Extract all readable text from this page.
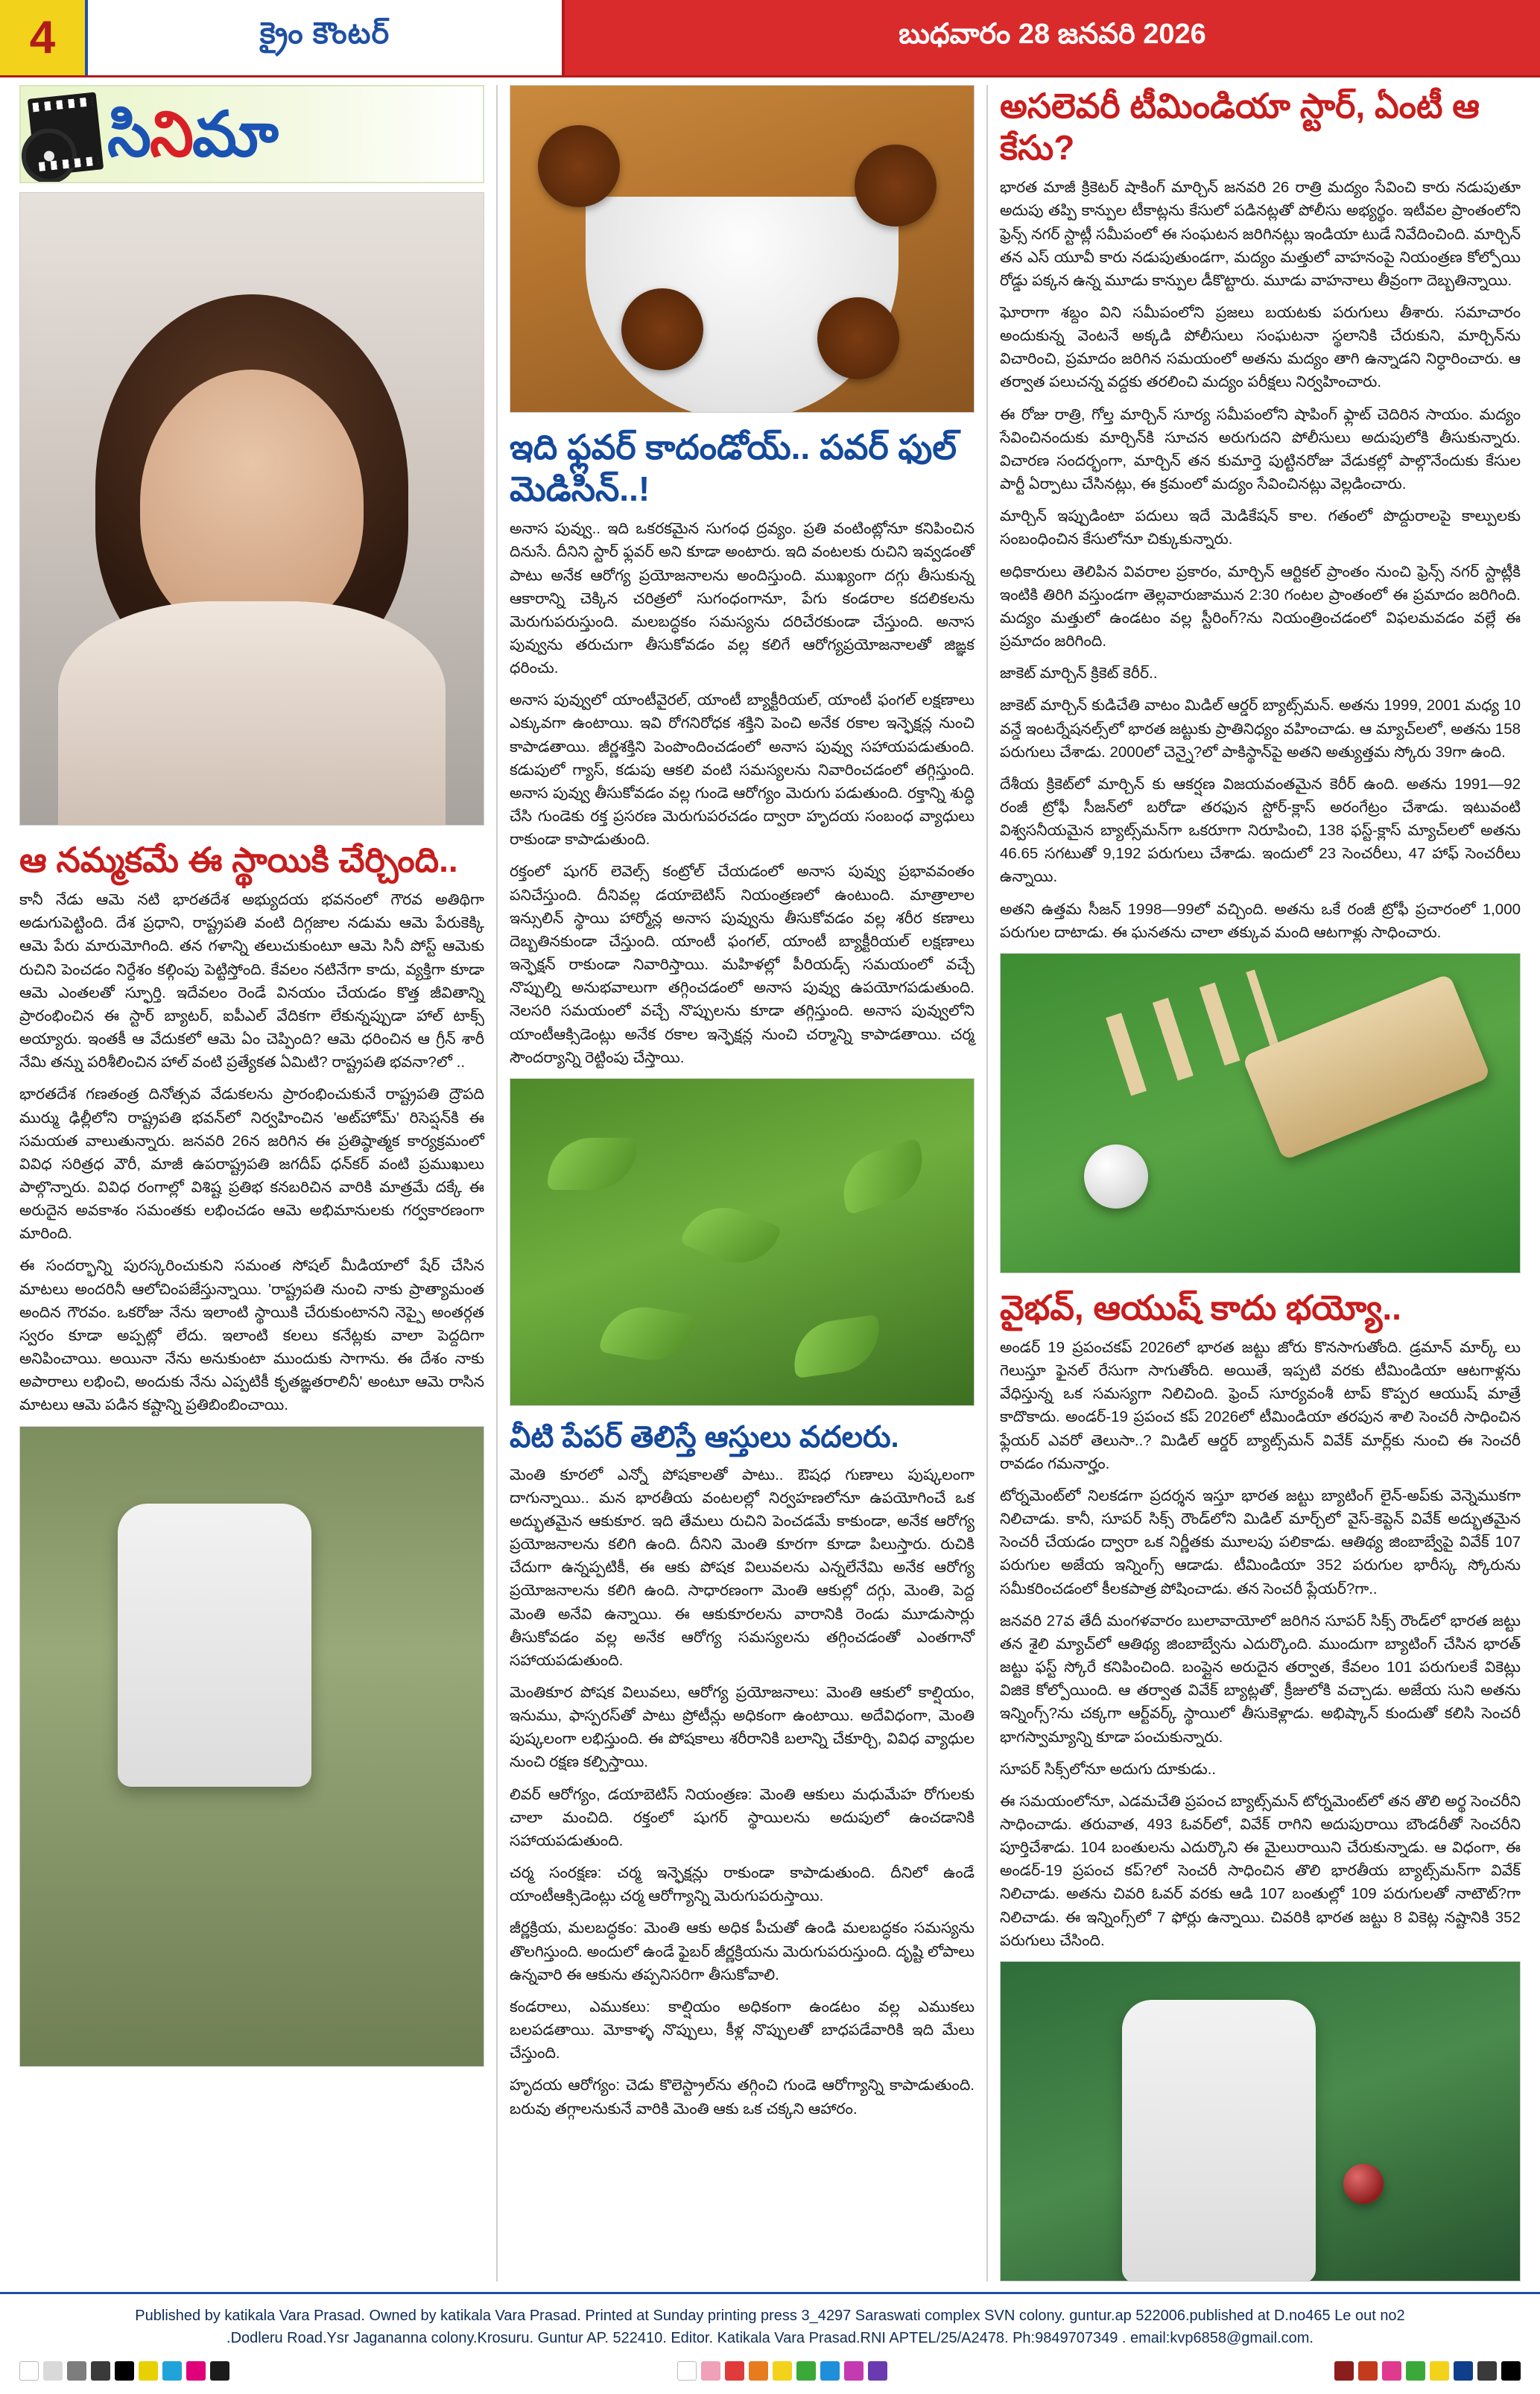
4	క్రైం కౌంటర్	బుధవారం 28 జనవరి 2026
సినిమా
ఆ నమ్మకమే ఈ స్థాయికి చేర్చింది..

కానీ నేడు ఆమె నటి భారతదేశ అభ్యుదయ భవనంలో గౌరవ అతిథిగా అడుగుపెట్టింది. దేశ ప్రధాని, రాష్ట్రపతి వంటి దిగ్గజాల నడుమ ఆమె పేరుకెక్కి ఆమె పేరు మారుమోగింది. తన గళాన్ని తలుచుకుంటూ ఆమె సినీ పోస్ట్ ఆమెకు రుచిని పెంచడం నిర్దేశం కల్గింపు పెట్టిస్తోంది. కేవలం నటినేగా కాదు, వ్యక్తిగా కూడా ఆమె ఎంతలతో స్ఫూర్తి. ఇదేవలం రెండే వినయం చేయడం కొత్త జీవితాన్ని ప్రారంభించిన ఈ స్టార్ బ్యాటర్, ఐపీఎల్ వేదికగా లేకున్నప్పుడా హాల్ టాక్స్ అయ్యారు. ఇంతకీ ఆ వేదుకలో ఆమె ఏం చెప్పింది? ఆమె ధరించిన ఆ గ్రీన్ శారీ నేమి తన్ను పరిశీలించిన హాల్ వంటి ప్రత్యేకత ఏమిటి? రాష్ట్రపతి భవనా?లో ..

భారతదేశ గణతంత్ర దినోత్సవ వేడుకలను ప్రారంభించుకునే రాష్ట్రపతి ద్రౌపది ముర్ము ఢిల్లీలోని రాష్ట్రపతి భవన్‌లో నిర్వహించిన 'అట్‌హోమ్' రిసెప్షన్‌కి ఈ సమయత వాలుతున్నారు. జనవరి 26న జరిగిన ఈ ప్రతిష్ఠాత్మక కార్యక్రమంలో వివిధ సరిత్రధ వౌరీ, మాజీ ఉపరాష్ట్రపతి జగదీప్ ధన్‌కర్ వంటి ప్రముఖులు పాల్గొన్నారు. వివిధ రంగాల్లో విశిష్ట ప్రతిభ కనబరిచిన వారికి మాత్రమే దక్కే ఈ అరుదైన అవకాశం సమంతకు లభించడం ఆమె అభిమానులకు గర్వకారణంగా మారింది.

ఈ సందర్భాన్ని పురస్కరించుకుని సమంత సోషల్ మీడియాలో షేర్ చేసిన మాటలు అందరినీ ఆలోచింపజేస్తున్నాయి. 'రాష్ట్రపతి నుంచి నాకు ప్రాత్యామంత అందిన గౌరవం. ఒకరోజు నేను ఇలాంటి స్థాయికి చేరుకుంటానని నెప్పై అంతర్గత స్వరం కూడా అప్పట్లో లేదు. ఇలాంటి కలలు కనేట్లకు వాలా పెద్దదిగా అనిపించాయి. అయినా నేను అనుకుంటా ముందుకు సాగాను. ఈ దేశం నాకు అపారాలు లభించి, అందుకు నేను ఎప్పటికీ కృతఙ్ఞతరాలినీ' అంటూ ఆమె రాసిన మాటలు ఆమె పడిన కష్టాన్ని ప్రతిబింబించాయి.

ఇది ఫ్లవర్ కాదండోయ్.. పవర్ ఫుల్ మెడిసిన్..!

అనాస పువ్వు.. ఇది ఒకరకమైన సుగంధ ద్రవ్యం. ప్రతి వంటింట్లోనూ కనిపించిన దినుసే. దీనిని స్టార్ ఫ్లవర్ అని కూడా అంటారు. ఇది వంటలకు రుచిని ఇవ్వడంతో పాటు అనేక ఆరోగ్య ప్రయోజనాలను అందిస్తుంది. ముఖ్యంగా దగ్గు తీసుకున్న ఆకారాన్ని చెక్కిన చరిత్రలో సుగంధంగానూ, పేగు కండరాల కదలికలను మెరుగుపరుస్తుంది. మలబద్ధకం సమస్యను దరిచేరకుండా చేస్తుంది. అనాస పువ్వును తరుచుగా తీసుకోవడం వల్ల కలిగే ఆరోగ్యప్రయోజనాలతో జిఙ్ఞక ధరించు.

అనాస పువ్వులో యాంటీవైరల్, యాంటీ బ్యాక్టీరియల్, యాంటీ ఫంగల్ లక్షణాలు ఎక్కువగా ఉంటాయి. ఇవి రోగనిరోధక శక్తిని పెంచి అనేక రకాల ఇన్ఫెక్షన్ల నుంచి కాపాడతాయి. జీర్ణశక్తిని పెంపొందించడంలో అనాస పువ్వు సహాయపడుతుంది. కడుపులో గ్యాస్, కడుపు ఆకలి వంటి సమస్యలను నివారించడంలో తగ్గిస్తుంది. అనాస పువ్వు తీసుకోవడం వల్ల గుండె ఆరోగ్యం మెరుగు పడుతుంది. రక్తాన్ని శుద్ధి చేసి గుండెకు రక్త ప్రసరణ మెరుగుపరచడం ద్వారా హృదయ సంబంధ వ్యాధులు రాకుండా కాపాడుతుంది.

రక్తంలో షుగర్ లెవెల్స్ కంట్రోల్ చేయడంలో అనాస పువ్వు ప్రభావవంతం పనిచేస్తుంది. దీనివల్ల డయాబెటిస్ నియంత్రణలో ఉంటుంది. మాత్రాలాల ఇన్సులిన్ స్థాయి హార్మోన్ల అనాస పువ్వును తీసుకోవడం వల్ల శరీర కణాలు దెబ్బతినకుండా చేస్తుంది. యాంటీ ఫంగల్, యాంటీ బ్యాక్టీరియల్ లక్షణాలు ఇన్ఫెక్షన్ రాకుండా నివారిస్తాయి. మహిళల్లో పీరియడ్స్ సమయంలో వచ్చే నొప్పుల్ని అనుభవాలుగా తగ్గించడంలో అనాస పువ్వు ఉపయోగపడుతుంది. నెలసరి సమయంలో వచ్చే నొప్పులను కూడా తగ్గిస్తుంది. అనాస పువ్వులోని యాంటీఆక్సిడెంట్లు అనేక రకాల ఇన్ఫెక్షన్ల నుంచి చర్మాన్ని కాపాడతాయి. చర్మ సౌందర్యాన్ని రెట్టింపు చేస్తాయి.

వీటి పేపర్ తెలిస్తే ఆస్తులు వదలరు.

మెంతి కూరలో ఎన్నో పోషకాలతో పాటు.. ఔషధ గుణాలు పుష్కలంగా దాగున్నాయి.. మన భారతీయ వంటలల్లో నిర్వహణలోనూ ఉపయోగించే ఒక అద్భుతమైన ఆకుకూర. ఇది తేమలు రుచిని పెంచడమే కాకుండా, అనేక ఆరోగ్య ప్రయోజనాలను కలిగి ఉంది. దీనిని మెంతి కూరగా కూడా పిలుస్తారు. రుచికి చేదుగా ఉన్నప్పటికీ, ఈ ఆకు పోషక విలువలను ఎన్నలేనేమి అనేక ఆరోగ్య ప్రయోజనాలను కలిగి ఉంది. సాధారణంగా మెంతి ఆకుల్లో దగ్గు, మెంతి, పెద్ద మెంతి అనేవి ఉన్నాయి. ఈ ఆకుకూరలను వారానికి రెండు మూడుసార్లు తీసుకోవడం వల్ల అనేక ఆరోగ్య సమస్యలను తగ్గించడంతో ఎంతగానో సహాయపడుతుంది.

మెంతికూర పోషక విలువలు, ఆరోగ్య ప్రయోజనాలు: మెంతి ఆకులో కాల్షియం, ఇనుము, ఫాస్పరస్‌తో పాటు ప్రోటీన్లు అధికంగా ఉంటాయి. అదేవిధంగా, మెంతి పుష్కలంగా లభిస్తుంది. ఈ పోషకాలు శరీరానికి బలాన్ని చేకూర్చి, వివిధ వ్యాధుల నుంచి రక్షణ కల్పిస్తాయి.

లివర్ ఆరోగ్యం, డయాబెటిస్ నియంత్రణ: మెంతి ఆకులు మధుమేహ రోగులకు చాలా మంచిది. రక్తంలో షుగర్ స్థాయిలను అదుపులో ఉంచడానికి సహాయపడుతుంది.

చర్మ సంరక్షణ: చర్మ ఇన్ఫెక్షన్లు రాకుండా కాపాడుతుంది. దీనిలో ఉండే యాంటీఆక్సిడెంట్లు చర్మ ఆరోగ్యాన్ని మెరుగుపరుస్తాయి.

జీర్ణక్రియ, మలబద్ధకం: మెంతి ఆకు అధిక పీచుతో ఉండి మలబద్ధకం సమస్యను తొలగిస్తుంది. అందులో ఉండే ఫైబర్ జీర్ణక్రియను మెరుగుపరుస్తుంది. దృష్టి లోపాలు ఉన్నవారి ఈ ఆకును తప్పనిసరిగా తీసుకోవాలి.

కండరాలు, ఎముకలు: కాల్షియం అధికంగా ఉండటం వల్ల ఎముకలు బలపడతాయి. మోకాళ్ళ నొప్పులు, కీళ్ల నొప్పులతో బాధపడేవారికి ఇది మేలు చేస్తుంది.

హృదయ ఆరోగ్యం: చెడు కొలెస్ట్రాల్‌ను తగ్గించి గుండె ఆరోగ్యాన్ని కాపాడుతుంది. బరువు తగ్గాలనుకునే వారికి మెంతి ఆకు ఒక చక్కని ఆహారం.

అసలెవరీ టీమిండియా స్టార్, ఏంటీ ఆ కేసు?

భారత మాజీ క్రికెటర్ షాకింగ్ మార్చిన్ జనవరి 26 రాత్రి మద్యం సేవించి కారు నడుపుతూ అదుపు తప్పి కాన్పుల టీకాట్లను కేసులో పడినట్లతో పోలీసు అభ్యర్థం. ఇటీవల ప్రాంతంలోని ఫ్రెన్స్ నగర్ స్టాట్లీ సమీపంలో ఈ సంఘటన జరిగినట్లు ఇండియా టుడే నివేదించింది. మార్చిన్ తన ఎస్ యూవీ కారు నడుపుతుండగా, మద్యం మత్తులో వాహనంపై నియంత్రణ కోల్పోయి రోడ్డు పక్కన ఉన్న మూడు కాన్పుల డీకొట్టారు. మూడు వాహనాలు తీవ్రంగా దెబ్బతిన్నాయి.

ఘోరాగా శబ్దం విని సమీపంలోని ప్రజలు బయటకు పరుగులు తీశారు. సమాచారం అందుకున్న వెంటనే అక్కడి పోలీసులు సంఘటనా స్థలానికి చేరుకుని, మార్చిన్‌ను విచారించి, ప్రమాదం జరిగిన సమయంలో అతను మద్యం తాగి ఉన్నాడని నిర్ధారించారు. ఆ తర్వాత పలుచన్న వద్దకు తరలించి మద్యం పరీక్షలు నిర్వహించారు.

ఈ రోజు రాత్రి, గోల్త మార్చిన్ సూర్య సమీపంలోని షాపింగ్ ఫ్లాట్ చెదిరిన సాయం. మద్యం సేవించినందుకు మార్చిన్‌కి సూచన అరుగుదని పోలీసులు అదుపులోకి తీసుకున్నారు. విచారణ సందర్భంగా, మార్చిన్ తన కుమార్తె పుట్టినరోజు వేడుకల్లో పాల్గొనేందుకు కేసుల పార్టీ ఏర్పాటు చేసినట్లు, ఈ క్రమంలో మద్యం సేవించినట్లు వెల్లడించారు.

మార్చిన్ ఇప్పుడింటా పదులు ఇదే మెడికేషన్ కాల. గతంలో పొద్దురాలపై కాల్పులకు సంబంధించిన కేసులోనూ చిక్కుకున్నారు.

అధికారులు తెలిపిన వివరాల ప్రకారం, మార్చిన్ ఆర్టికల్ ప్రాంతం నుంచి ఫ్రెన్స్ నగర్ స్టాట్లీకి ఇంటికి తిరిగి వస్తుండగా తెల్లవారుజామున 2:30 గంటల ప్రాంతంలో ఈ ప్రమాదం జరిగింది. మద్యం మత్తులో ఉండటం వల్ల స్టీరింగ్‌?ను నియంత్రించడంలో విఫలమవడం వల్లే ఈ ప్రమాదం జరిగింది.

జాకెట్ మార్చిన్ క్రికెట్ కెరీర్..

జాకెట్ మార్చిన్ కుడిచేతి వాటం మిడిల్ ఆర్డర్ బ్యాట్స్‌మన్. అతను 1999, 2001 మధ్య 10 వన్డే ఇంటర్నేషనల్స్‌లో భారత జట్టుకు ప్రాతినిధ్యం వహించాడు. ఆ మ్యాచ్‌లలో, అతను 158 పరుగులు చేశాడు. 2000లో చెన్నై?లో పాకిస్థాన్‌పై అతని అత్యుత్తమ స్కోరు 39గా ఉంది.

దేశీయ క్రికెట్‌లో మార్చిన్ కు ఆకర్షణ విజయవంతమైన కెరీర్ ఉంది. అతను 1991—92 రంజీ ట్రోఫీ సీజన్‌లో బరోడా తరఫున స్టోర్-క్లాస్ అరంగేట్రం చేశాడు. ఇటువంటి విశ్వసనీయమైన బ్యాట్స్‌మన్‌గా ఒకరూగా నిరూపించి, 138 ఫస్ట్-క్లాస్ మ్యాచ్‌లలో అతను 46.65 సగటుతో 9,192 పరుగులు చేశాడు. ఇందులో 23 సెంచరీలు, 47 హాఫ్ సెంచరీలు ఉన్నాయి.

అతని ఉత్తమ సీజన్ 1998—99లో వచ్చింది. అతను ఒకే రంజీ ట్రోఫీ ప్రచారంలో 1,000 పరుగుల దాటాడు. ఈ ఘనతను చాలా తక్కువ మంది ఆటగాళ్లు సాధించారు.

వైభవ్, ఆయుష్ కాదు భయ్యో..

అండర్ 19 ప్రపంచకప్ 2026లో భారత జట్టు జోరు కొనసాగుతోంది. డ్రమాన్ మార్క్ లు గెలుస్తూ ఫైనల్ రేసుగా సాగుతోంది. అయితే, ఇప్పటి వరకు టీమిండియా ఆటగాళ్లను వేధిస్తున్న ఒక సమస్యగా నిలిచింది. ఫ్రెంచ్ సూర్యవంశీ టాప్ కొప్పర ఆయుష్ మాత్రే కాదొకాదు. అండర్-19 ప్రపంచ కప్ 2026లో టీమిండియా తరపున శాలి సెంచరీ సాధించిన ఫ్లేయర్ ఎవరో తెలుసా..? మిడిల్ ఆర్డర్ బ్యాట్స్‌మన్ వివేక్ మార్ల్‌కు నుంచి ఈ సెంచరీ రావడం గమనార్హం.

టోర్నమెంట్‌లో నిలకడగా ప్రదర్శన ఇస్తూ భారత జట్టు బ్యాటింగ్ లైన్-అప్‌కు వెన్నెముకగా నిలిచాడు. కానీ, సూపర్ సిక్స్ రౌండ్‌లోని మిడిల్ మార్చ్‌లో వైస్-కెప్టెన్ వివేక్ అద్భుతమైన సెంచరీ చేయడం ద్వారా ఒక నిర్ణీతకు మూలపు పలికాడు. ఆతిథ్య జింబాబ్వేపై వివేక్ 107 పరుగుల అజేయ ఇన్నింగ్స్ ఆడాడు. టీమిండియా 352 పరుగుల భారీస్క స్కోరును సమీకరించడంలో కీలకపాత్ర పోషించాడు. తన సెంచరీ ప్లేయర్?గా..

జనవరి 27వ తేదీ మంగళవారం బులావాయోలో జరిగిన సూపర్ సిక్స్ రౌండ్‌లో భారత జట్టు తన శైలి మ్యాచ్‌లో ఆతిథ్య జింబాబ్వేను ఎదుర్కొంది. ముందుగా బ్యాటింగ్ చేసిన భారత్ జట్టు ఫస్ట్ స్కోరే కనిపించింది. బంప్లైన అరుదైన తర్వాత, కేవలం 101 పరుగులకే వికెట్లు విజికె కోల్పోయింది. ఆ తర్వాత వివేక్ బ్యాట్లతో, క్రీజులోకి వచ్చాడు. అజేయ సుని అతను ఇన్నింగ్స్?ను చక్కగా ఆర్ట్‌వర్క్ స్థాయిలో తీసుకెళ్లాడు. అభిష్కాన్ కుందుతో కలిసి సెంచరీ భాగస్వామ్యాన్ని కూడా పంచుకున్నారు.

సూపర్ సిక్స్‌లోనూ అదుగు దూకుడు..

ఈ సమయంలోనూ, ఎడమచేతి ప్రపంచ బ్యాట్స్‌మన్ టోర్నమెంట్‌లో తన తొలి అర్థ సెంచరీని సాధించాడు. తరువాత, 493 ఓవర్‌లో, వివేక్ రాగిని అదుపురాయి బౌండరీతో సెంచరీని పూర్తిచేశాడు. 104 బంతులను ఎదుర్కొని ఈ మైలురాయిని చేరుకున్నాడు. ఆ విధంగా, ఈ అండర్-19 ప్రపంచ కప్?లో సెంచరీ సాధించిన తొలి భారతీయ బ్యాట్స్‌మన్‌గా వివేక్ నిలిచాడు. అతను చివరి ఓవర్ వరకు ఆడి 107 బంతుల్లో 109 పరుగులతో నాటౌట్?గా నిలిచాడు. ఈ ఇన్నింగ్స్‌లో 7 ఫోర్లు ఉన్నాయి. చివరికి భారత జట్టు 8 వికెట్ల నష్టానికి 352 పరుగులు చేసింది.

Published by katikala Vara Prasad. Owned by katikala Vara Prasad. Printed at Sunday printing press 3_4297 Saraswati complex SVN colony. guntur.ap 522006.published at D.no465 Le out no2
.Dodleru Road.Ysr Jagananna colony.Krosuru. Guntur AP. 522410. Editor. Katikala Vara Prasad.RNI APTEL/25/A2478. Ph:9849707349 . email:kvp6858@gmail.com.
